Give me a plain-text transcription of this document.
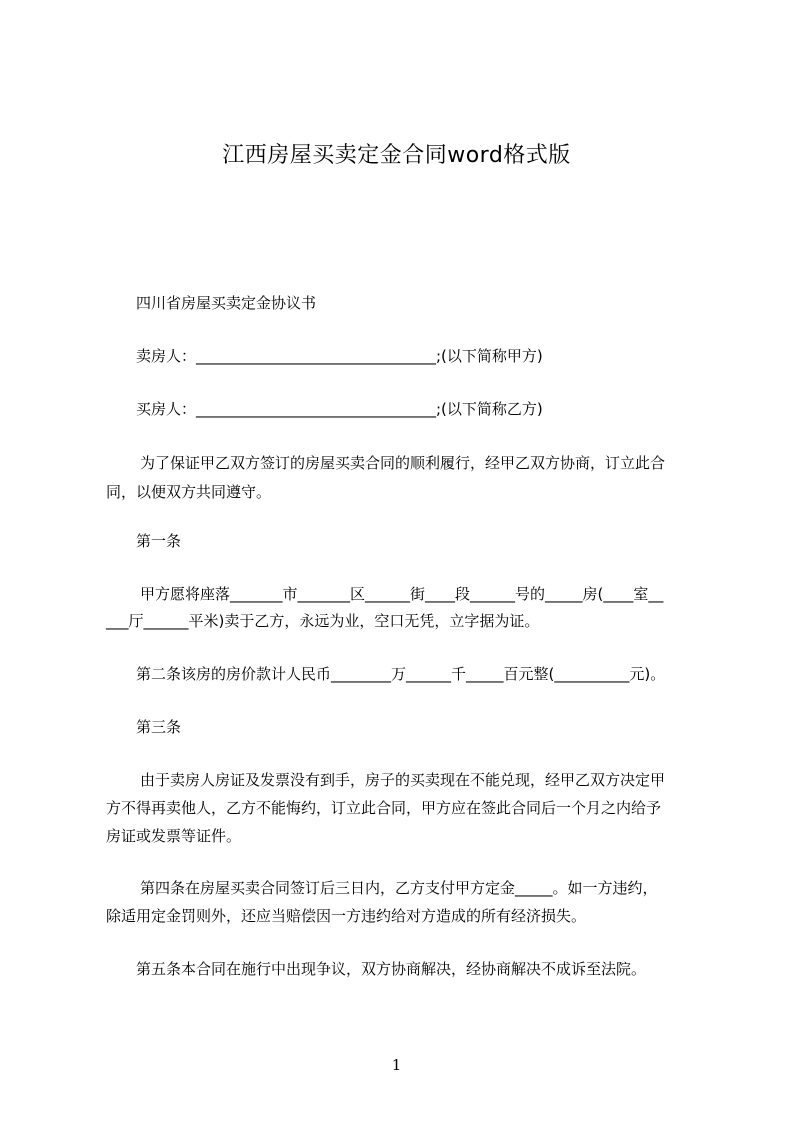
江西房屋买卖定金合同word格式版
四川省房屋买卖定金协议书
卖房人：________________________________;(以下简称甲方)
买房人：________________________________;(以下简称乙方)
为了保证甲乙双方签订的房屋买卖合同的顺利履行，经甲乙双方协商，订立此合
同，以便双方共同遵守。
第一条
甲方愿将座落_______市_______区______街____段______号的_____房(____室__
___厅______平米)卖于乙方，永远为业，空口无凭，立字据为证。
第二条该房的房价款计人民币________万______千_____百元整(__________元)。
第三条
由于卖房人房证及发票没有到手，房子的买卖现在不能兑现，经甲乙双方决定甲
方不得再卖他人，乙方不能悔约，订立此合同，甲方应在签此合同后一个月之内给予
房证或发票等证件。
第四条在房屋买卖合同签订后三日内，乙方支付甲方定金_____。如一方违约，
除适用定金罚则外，还应当赔偿因一方违约给对方造成的所有经济损失。
第五条本合同在施行中出现争议，双方协商解决，经协商解决不成诉至法院。
1
